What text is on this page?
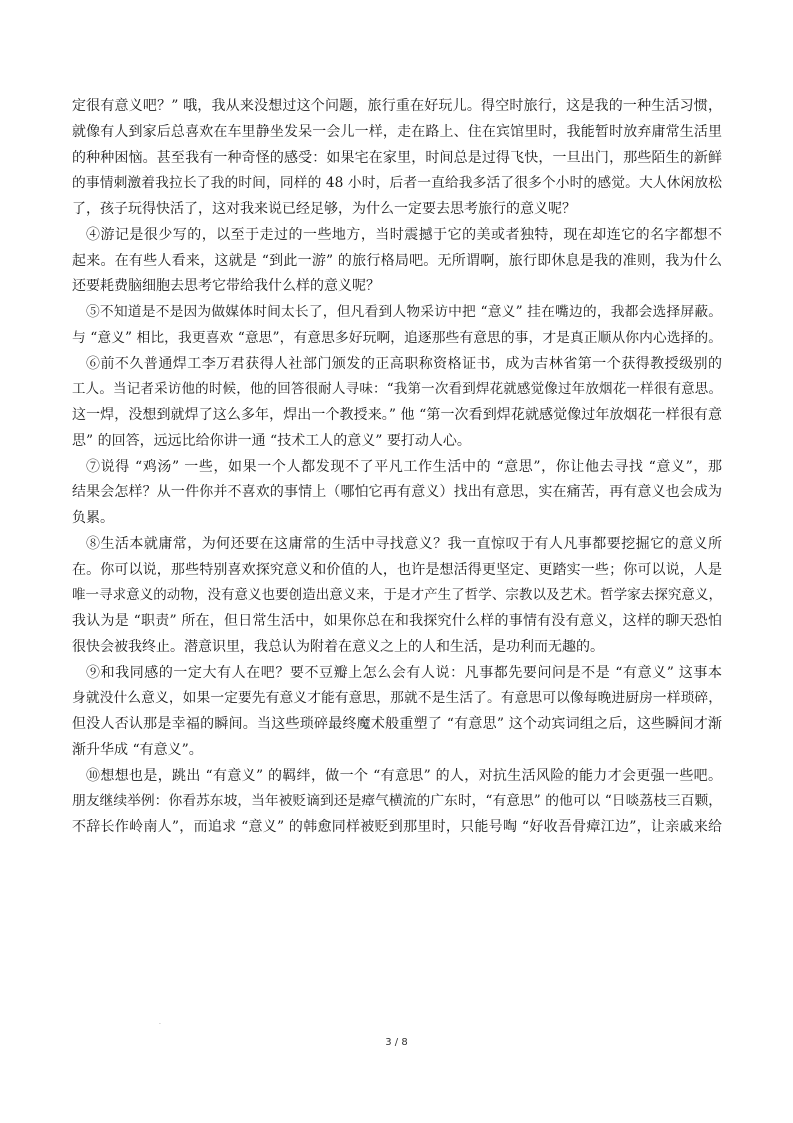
定很有意义吧？” 哦，我从来没想过这个问题，旅行重在好玩儿。得空时旅行，这是我的一种生活习惯，
就像有人到家后总喜欢在车里静坐发呆一会儿一样，走在路上、住在宾馆里时，我能暂时放弃庸常生活里
的种种困恼。甚至我有一种奇怪的感受：如果宅在家里，时间总是过得飞快，一旦出门，那些陌生的新鲜
的事情刺激着我拉长了我的时间，同样的 48 小时，后者一直给我多活了很多个小时的感觉。大人休闲放松
了，孩子玩得快活了，这对我来说已经足够，为什么一定要去思考旅行的意义呢？
④游记是很少写的，以至于走过的一些地方，当时震撼于它的美或者独特，现在却连它的名字都想不
起来。在有些人看来，这就是 “到此一游” 的旅行格局吧。无所谓啊，旅行即休息是我的准则，我为什么
还要耗费脑细胞去思考它带给我什么样的意义呢？
⑤不知道是不是因为做媒体时间太长了，但凡看到人物采访中把 “意义” 挂在嘴边的，我都会选择屏蔽。
与 “意义” 相比，我更喜欢 “意思”，有意思多好玩啊，追逐那些有意思的事，才是真正顺从你内心选择的。
⑥前不久普通焊工李万君获得人社部门颁发的正高职称资格证书，成为吉林省第一个获得教授级别的
工人。当记者采访他的时候，他的回答很耐人寻味：“我第一次看到焊花就感觉像过年放烟花一样很有意思。
这一焊，没想到就焊了这么多年，焊出一个教授来。” 他 “第一次看到焊花就感觉像过年放烟花一样很有意
思” 的回答，远远比给你讲一通 “技术工人的意义” 要打动人心。
⑦说得 “鸡汤” 一些，如果一个人都发现不了平凡工作生活中的 “意思”，你让他去寻找 “意义”，那
结果会怎样？从一件你并不喜欢的事情上（哪怕它再有意义）找出有意思，实在痛苦，再有意义也会成为
负累。
⑧生活本就庸常，为何还要在这庸常的生活中寻找意义？我一直惊叹于有人凡事都要挖掘它的意义所
在。你可以说，那些特别喜欢探究意义和价值的人，也许是想活得更坚定、更踏实一些；你可以说，人是
唯一寻求意义的动物，没有意义也要创造出意义来，于是才产生了哲学、宗教以及艺术。哲学家去探究意义，
我认为是 “职责” 所在，但日常生活中，如果你总在和我探究什么样的事情有没有意义，这样的聊天恐怕
很快会被我终止。潜意识里，我总认为附着在意义之上的人和生活，是功利而无趣的。
⑨和我同感的一定大有人在吧？要不豆瓣上怎么会有人说：凡事都先要问问是不是 “有意义” 这事本
身就没什么意义，如果一定要先有意义才能有意思，那就不是生活了。有意思可以像每晚进厨房一样琐碎，
但没人否认那是幸福的瞬间。当这些琐碎最终魔术般重塑了 “有意思” 这个动宾词组之后，这些瞬间才渐
渐升华成 “有意义”。
⑩想想也是，跳出 “有意义” 的羁绊，做一个 “有意思” 的人，对抗生活风险的能力才会更强一些吧。
朋友继续举例：你看苏东坡，当年被贬谪到还是瘴气横流的广东时，“有意思” 的他可以 “日啖荔枝三百颗，
不辞长作岭南人”，而追求 “意义” 的韩愈同样被贬到那里时，只能号啕 “好收吾骨瘴江边”，让亲戚来给
·
3 / 8
